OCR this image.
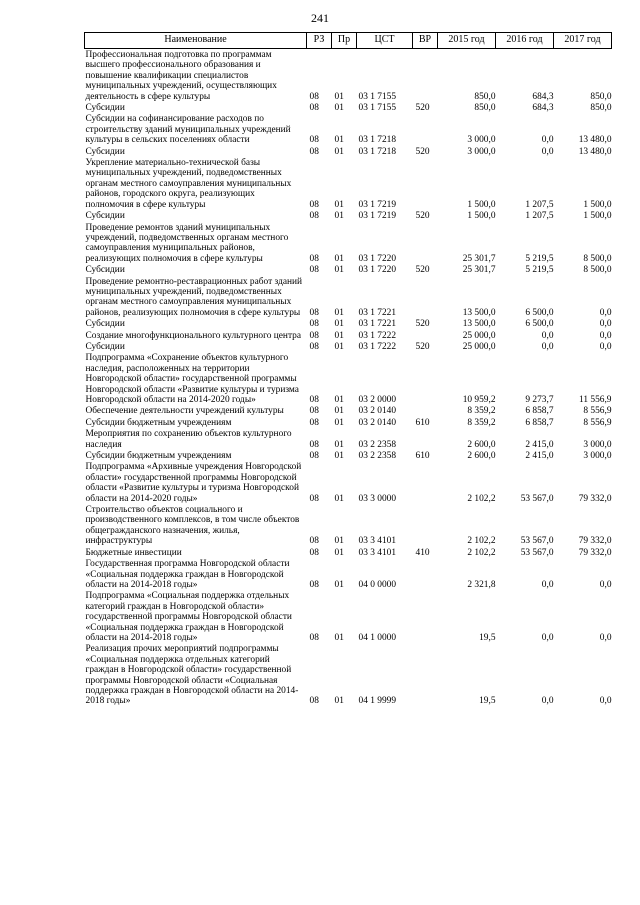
241
Наименование	РЗ	Пр	ЦСТ	ВР	2015 год	2016 год	2017 год
Профессиональная подготовка по программам высшего профессионального образования и повышение квалификации специалистов муниципальных учреждений, осуществляющих деятельность в сфере культуры	08	01	03 1 7155		850,0	684,3	850,0
Субсидии	08	01	03 1 7155	520	850,0	684,3	850,0
Субсидии на софинансирование расходов по строительству зданий муниципальных учреждений культуры в сельских поселениях области	08	01	03 1 7218		3 000,0	0,0	13 480,0
Субсидии	08	01	03 1 7218	520	3 000,0	0,0	13 480,0
Укрепление материально-технической базы муниципальных учреждений, подведомственных органам местного самоуправления муниципальных районов, городского округа, реализующих полномочия в сфере культуры	08	01	03 1 7219		1 500,0	1 207,5	1 500,0
Субсидии	08	01	03 1 7219	520	1 500,0	1 207,5	1 500,0
Проведение ремонтов зданий муниципальных учреждений, подведомственных органам местного самоуправления муниципальных районов, реализующих полномочия в сфере культуры	08	01	03 1 7220		25 301,7	5 219,5	8 500,0
Субсидии	08	01	03 1 7220	520	25 301,7	5 219,5	8 500,0
Проведение ремонтно-реставрационных работ зданий муниципальных учреждений, подведомственных органам местного самоуправления муниципальных районов, реализующих полномочия в сфере культуры	08	01	03 1 7221		13 500,0	6 500,0	0,0
Субсидии	08	01	03 1 7221	520	13 500,0	6 500,0	0,0
Создание многофункционального культурного центра	08	01	03 1 7222		25 000,0	0,0	0,0
Субсидии	08	01	03 1 7222	520	25 000,0	0,0	0,0
Подпрограмма «Сохранение объектов культурного наследия, расположенных на территории Новгородской области» государственной программы Новгородской области «Развитие культуры и туризма Новгородской области на 2014-2020 годы»	08	01	03 2 0000		10 959,2	9 273,7	11 556,9
Обеспечение деятельности учреждений культуры	08	01	03 2 0140		8 359,2	6 858,7	8 556,9
Субсидии бюджетным учреждениям	08	01	03 2 0140	610	8 359,2	6 858,7	8 556,9
Мероприятия по сохранению объектов культурного наследия	08	01	03 2 2358		2 600,0	2 415,0	3 000,0
Субсидии бюджетным учреждениям	08	01	03 2 2358	610	2 600,0	2 415,0	3 000,0
Подпрограмма «Архивные учреждения Новгородской области» государственной программы Новгородской области «Развитие культуры и туризма Новгородской области на 2014-2020 годы»	08	01	03 3 0000		2 102,2	53 567,0	79 332,0
Строительство объектов социального и производственного комплексов, в том числе объектов общегражданского назначения, жилья, инфраструктуры	08	01	03 3 4101		2 102,2	53 567,0	79 332,0
Бюджетные инвестиции	08	01	03 3 4101	410	2 102,2	53 567,0	79 332,0
Государственная программа Новгородской области «Социальная поддержка граждан в Новгородской области на 2014-2018 годы»	08	01	04 0 0000		2 321,8	0,0	0,0
Подпрограмма «Социальная поддержка отдельных категорий граждан в Новгородской области» государственной программы Новгородской области «Социальная поддержка граждан в Новгородской области на 2014-2018 годы»	08	01	04 1 0000		19,5	0,0	0,0
Реализация прочих мероприятий подпрограммы «Социальная поддержка отдельных категорий граждан в Новгородской области» государственной программы Новгородской области «Социальная поддержка граждан в Новгородской области на 2014-2018 годы»	08	01	04 1 9999		19,5	0,0	0,0
